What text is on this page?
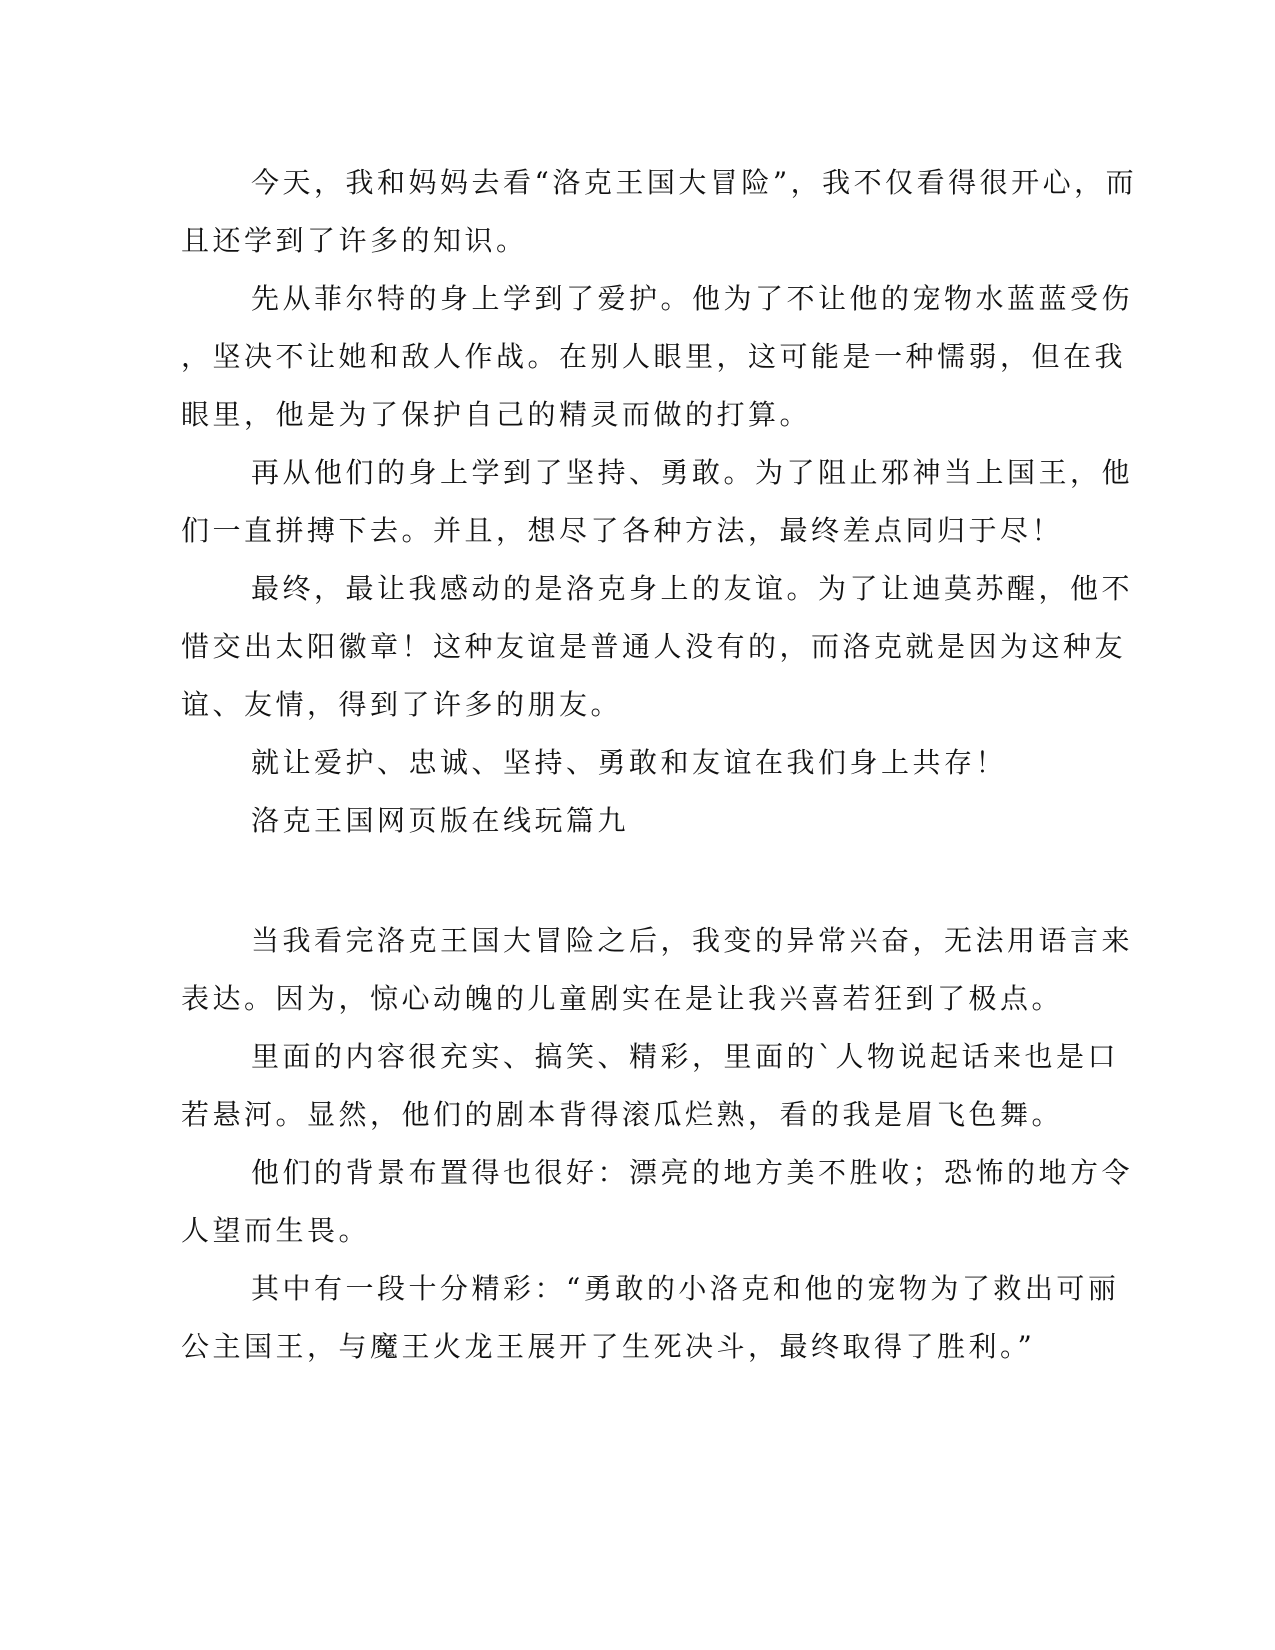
今天，我和妈妈去看“洛克王国大冒险”，我不仅看得很开心，而
且还学到了许多的知识。
先从菲尔特的身上学到了爱护。他为了不让他的宠物水蓝蓝受伤
，坚决不让她和敌人作战。在别人眼里，这可能是一种懦弱，但在我
眼里，他是为了保护自己的精灵而做的打算。
再从他们的身上学到了坚持、勇敢。为了阻止邪神当上国王，他
们一直拼搏下去。并且，想尽了各种方法，最终差点同归于尽！
最终，最让我感动的是洛克身上的友谊。为了让迪莫苏醒，他不
惜交出太阳徽章！这种友谊是普通人没有的，而洛克就是因为这种友
谊、友情，得到了许多的朋友。
就让爱护、忠诚、坚持、勇敢和友谊在我们身上共存！
洛克王国网页版在线玩篇九
当我看完洛克王国大冒险之后，我变的异常兴奋，无法用语言来
表达。因为，惊心动魄的儿童剧实在是让我兴喜若狂到了极点。
里面的内容很充实、搞笑、精彩，里面的`人物说起话来也是口
若悬河。显然，他们的剧本背得滚瓜烂熟，看的我是眉飞色舞。
他们的背景布置得也很好：漂亮的地方美不胜收；恐怖的地方令
人望而生畏。
其中有一段十分精彩：“勇敢的小洛克和他的宠物为了救出可丽
公主国王，与魔王火龙王展开了生死决斗，最终取得了胜利。”
